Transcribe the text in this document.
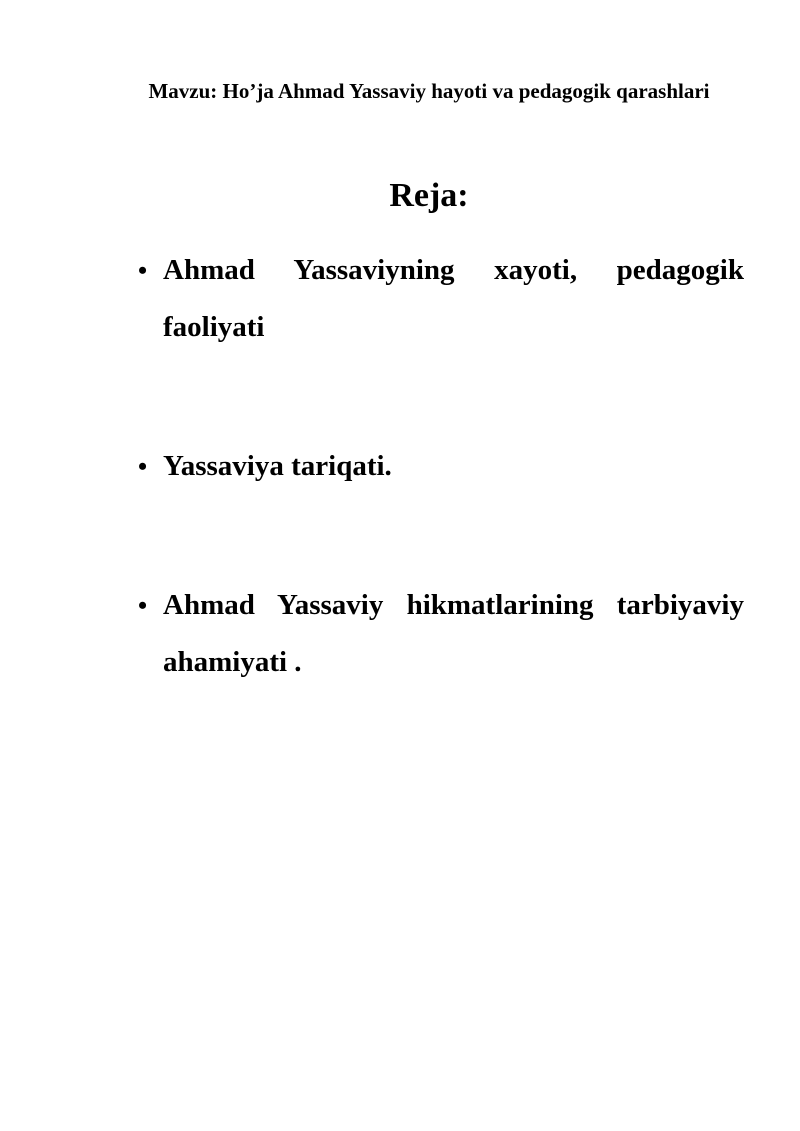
Mavzu: Ho’ja Ahmad Yassaviy hayoti va pedagogik qarashlari

Reja:
• Ahmad Yassaviyning xayoti, pedagogik faoliyati
• Yassaviya tariqati.
• Ahmad Yassaviy hikmatlarining tarbiyaviy ahamiyati .
